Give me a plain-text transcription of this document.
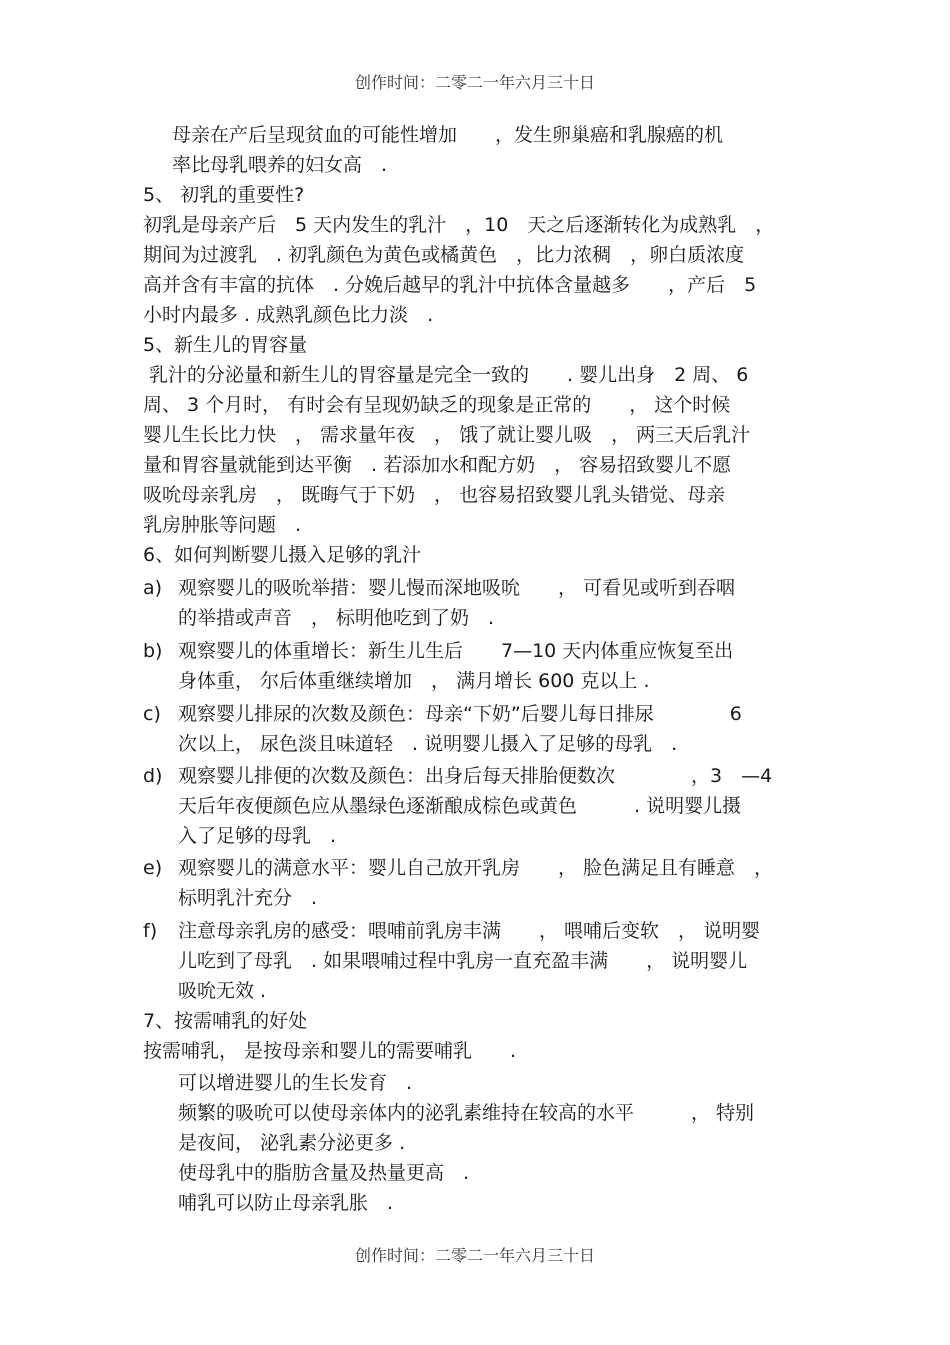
创作时间：二零二一年六月三十日
母亲在产后呈现贫血的可能性增加　　，发生卵巢癌和乳腺癌的机
率比母乳喂养的妇女高　.
5、 初乳的重要性?
初乳是母亲产后　5 天内发生的乳汁　，10　天之后逐渐转化为成熟乳　，
期间为过渡乳　. 初乳颜色为黄色或橘黄色　，比力浓稠　，卵白质浓度
高并含有丰富的抗体　. 分娩后越早的乳汁中抗体含量越多　　，产后　5
小时内最多 . 成熟乳颜色比力淡　.
5、新生儿的胃容量
乳汁的分泌量和新生儿的胃容量是完全一致的　　. 婴儿出身　2 周、 6
周、 3 个月时， 有时会有呈现奶缺乏的现象是正常的　　， 这个时候
婴儿生长比力快　， 需求量年夜　， 饿了就让婴儿吸　， 两三天后乳汁
量和胃容量就能到达平衡　. 若添加水和配方奶　， 容易招致婴儿不愿
吸吮母亲乳房　， 既晦气于下奶　， 也容易招致婴儿乳头错觉、母亲
乳房肿胀等问题　.
6、如何判断婴儿摄入足够的乳汁
a) 观察婴儿的吸吮举措：婴儿慢而深地吸吮　　， 可看见或听到吞咽
的举措或声音　， 标明他吃到了奶　.
b) 观察婴儿的体重增长：新生儿生后　　7—10 天内体重应恢复至出
身体重， 尔后体重继续增加　， 满月增长 600 克以上 .
c) 观察婴儿排尿的次数及颜色：母亲“下奶”后婴儿每日排尿　　　　6
次以上， 尿色淡且味道轻　. 说明婴儿摄入了足够的母乳　.
d) 观察婴儿排便的次数及颜色：出身后每天排胎便数次　　　　，3　—4
天后年夜便颜色应从墨绿色逐渐酿成棕色或黄色　　　. 说明婴儿摄
入了足够的母乳　.
e) 观察婴儿的满意水平：婴儿自己放开乳房　　， 脸色满足且有睡意　，
标明乳汁充分　.
f) 注意母亲乳房的感受：喂哺前乳房丰满　　， 喂哺后变软　， 说明婴
儿吃到了母乳　. 如果喂哺过程中乳房一直充盈丰满　　， 说明婴儿
吸吮无效 .
7、按需哺乳的好处
按需哺乳， 是按母亲和婴儿的需要哺乳　　.
可以增进婴儿的生长发育　.
频繁的吸吮可以使母亲体内的泌乳素维持在较高的水平　　　， 特别
是夜间， 泌乳素分泌更多 .
使母乳中的脂肪含量及热量更高　.
哺乳可以防止母亲乳胀　.
创作时间：二零二一年六月三十日
